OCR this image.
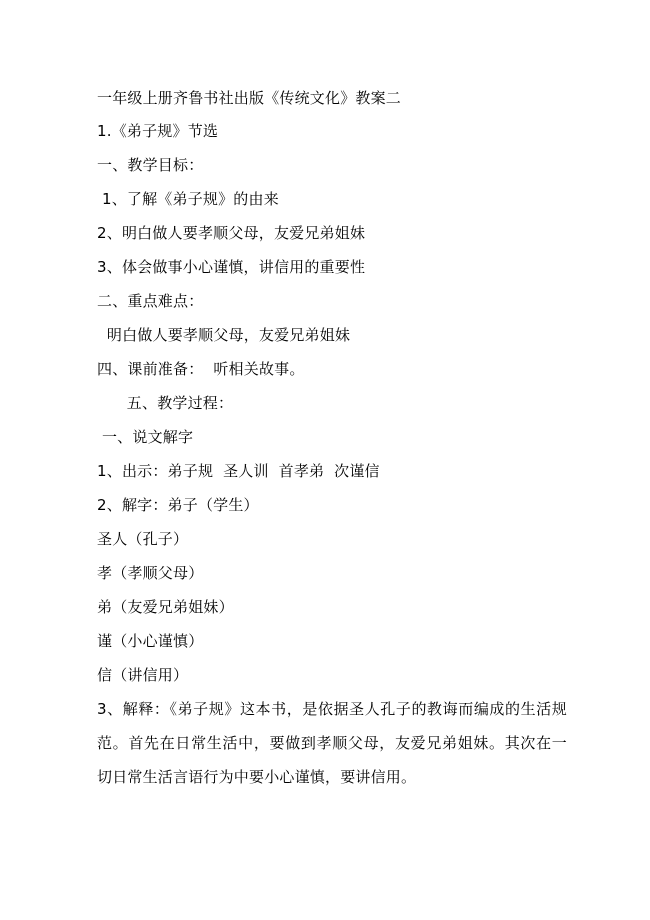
一年级上册齐鲁书社出版《传统文化》教案二
1.《弟子规》节选
一、教学目标：
1、了解《弟子规》的由来
2、明白做人要孝顺父母，友爱兄弟姐妹
3、体会做事小心谨慎，讲信用的重要性
二、重点难点：
明白做人要孝顺父母，友爱兄弟姐妹
四、课前准备：  听相关故事。
五、教学过程：
一、说文解字
1、出示：弟子规  圣人训  首孝弟  次谨信
2、解字：弟子（学生）
圣人（孔子）
孝（孝顺父母）
弟（友爱兄弟姐妹）
谨（小心谨慎）
信（讲信用）
3、解释：《弟子规》这本书，是依据圣人孔子的教诲而编成的生活规范。首先在日常生活中，要做到孝顺父母，友爱兄弟姐妹。其次在一切日常生活言语行为中要小心谨慎，要讲信用。
